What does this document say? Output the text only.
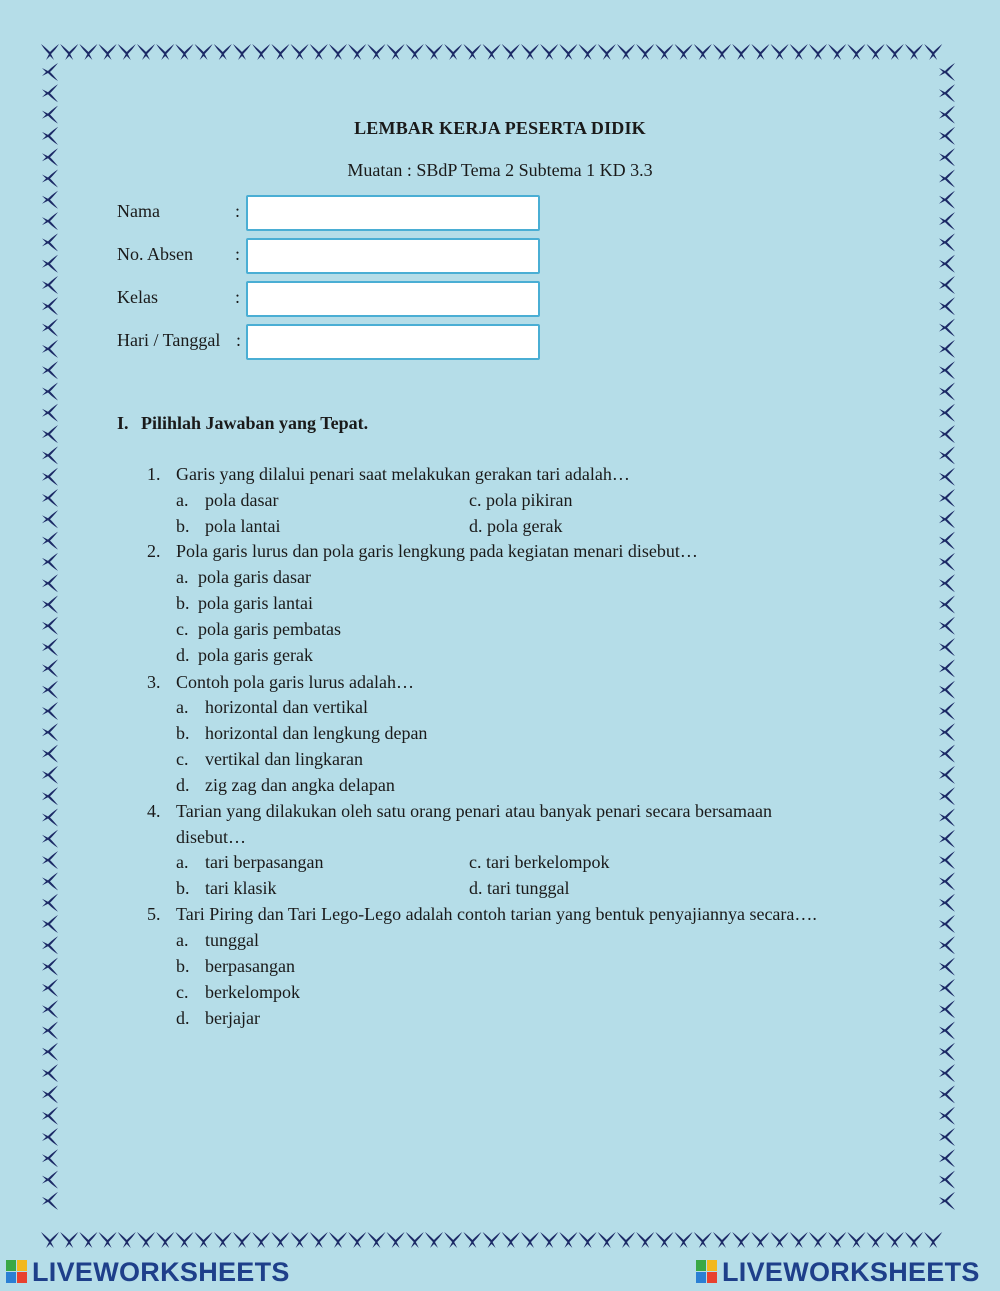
LEMBAR KERJA PESERTA DIDIK
Muatan : SBdP Tema 2 Subtema 1 KD 3.3
Nama	:
No. Absen :
Kelas	:
Hari / Tanggal :
I. Pilihlah Jawaban yang Tepat.
1. Garis yang dilalui penari saat melakukan gerakan tari adalah…
a. pola dasar
b. pola lantai
c. pola pikiran
d. pola gerak
2. Pola garis lurus dan pola garis lengkung pada kegiatan menari disebut…
a. pola garis dasar
b. pola garis lantai
c. pola garis pembatas
d. pola garis gerak
3. Contoh pola garis lurus adalah…
a. horizontal dan vertikal
b. horizontal dan lengkung depan
c. vertikal dan lingkaran
d. zig zag dan angka delapan
4. Tarian yang dilakukan oleh satu orang penari atau banyak penari secara bersamaan
disebut…
a. tari berpasangan
b. tari klasik
c. tari berkelompok
d. tari tunggal
5. Tari Piring dan Tari Lego-Lego adalah contoh tarian yang bentuk penyajiannya secara….
a. tunggal
b. berpasangan
c. berkelompok
d. berjajar
LIVEWORKSHEETS	LIVEWORKSHEETS
